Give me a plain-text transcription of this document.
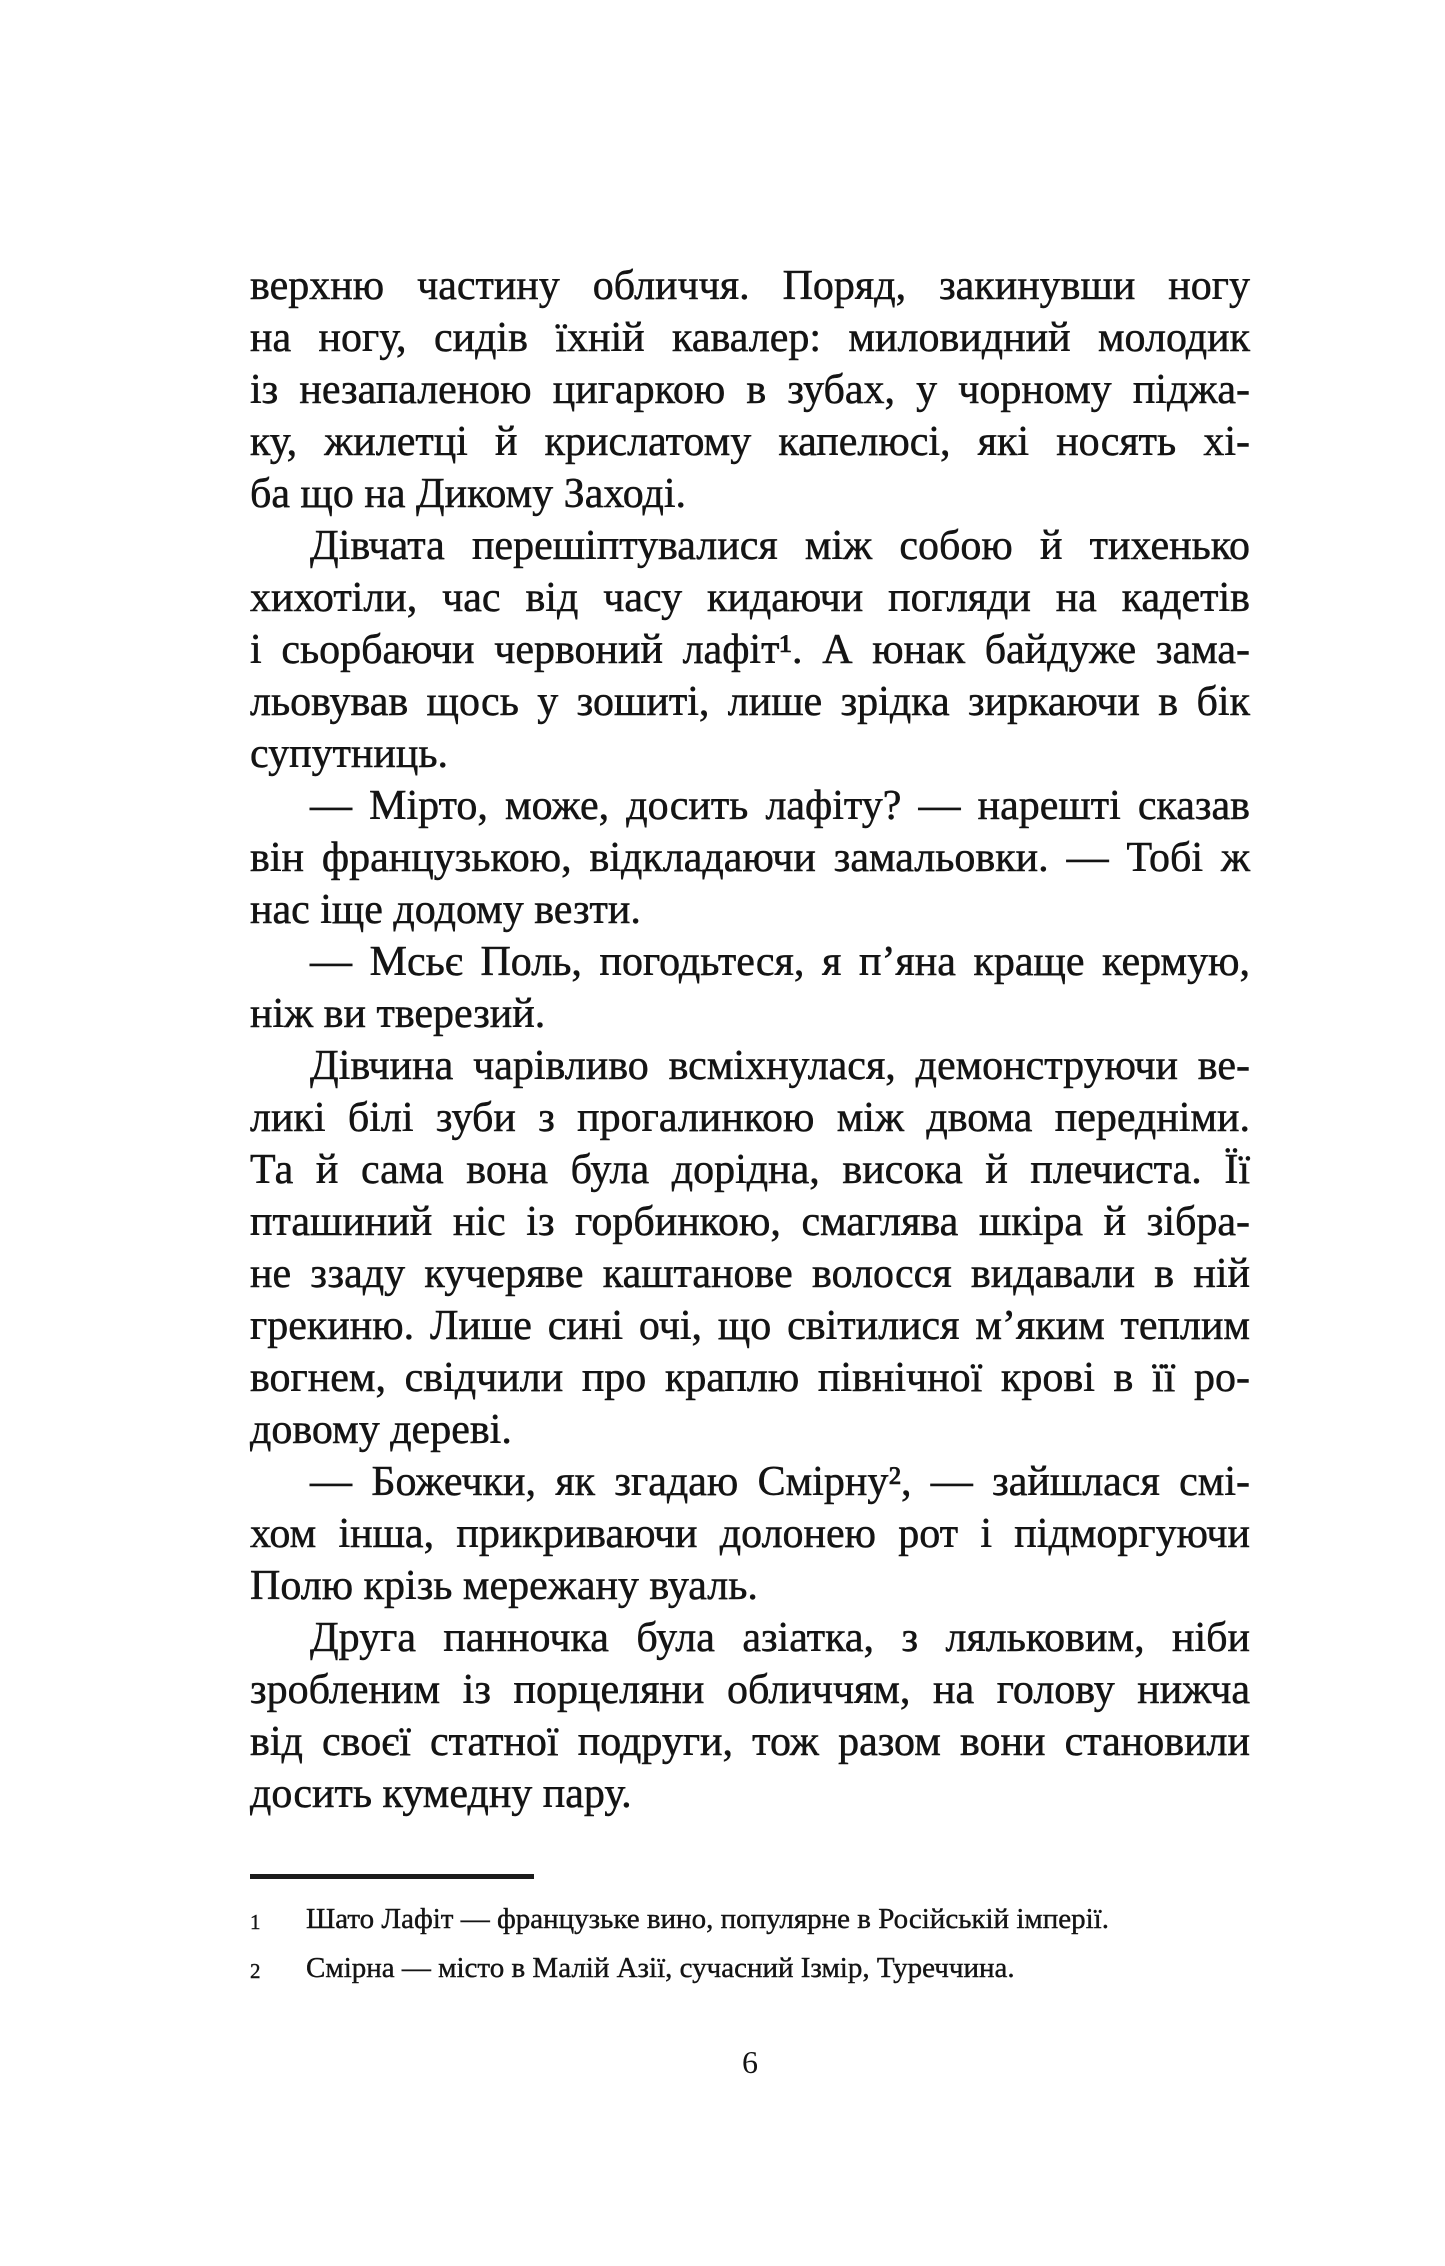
верхню частину обличчя. Поряд, закинувши ногу
на ногу, сидів їхній кавалер: миловидний молодик
із незапаленою цигаркою в зубах, у чорному піджа-
ку, жилетці й крислатому капелюсі, які носять хі-
ба що на Дикому Заході.

Дівчата перешіптувалися між собою й тихенько
хихотіли, час від часу кидаючи погляди на кадетів
і сьорбаючи червоний лафіт¹. А юнак байдуже зама-
льовував щось у зошиті, лише зрідка зиркаючи в бік
супутниць.

— Мірто, може, досить лафіту? — нарешті сказав
він французькою, відкладаючи замальовки. — Тобі ж
нас іще додому везти.

— Мсьє Поль, погодьтеся, я п’яна краще кермую,
ніж ви тверезий.

Дівчина чарівливо всміхнулася, демонструючи ве-
ликі білі зуби з прогалинкою між двома передніми.
Та й сама вона була дорідна, висока й плечиста. Її
пташиний ніс із горбинкою, смаглява шкіра й зібра-
не ззаду кучеряве каштанове волосся видавали в ній
грекиню. Лише сині очі, що світилися м’яким теплим
вогнем, свідчили про краплю північної крові в її ро-
довому дереві.

— Божечки, як згадаю Смірну², — зайшлася смі-
хом інша, прикриваючи долонею рот і підморгуючи
Полю крізь мережану вуаль.

Друга панночка була азіатка, з ляльковим, ніби
зробленим із порцеляни обличчям, на голову нижча
від своєї статної подруги, тож разом вони становили
досить кумедну пару.

1	Шато Лафіт — французьке вино, популярне в Російській імперії.
2	Смірна — місто в Малій Азії, сучасний Ізмір, Туреччина.
6
